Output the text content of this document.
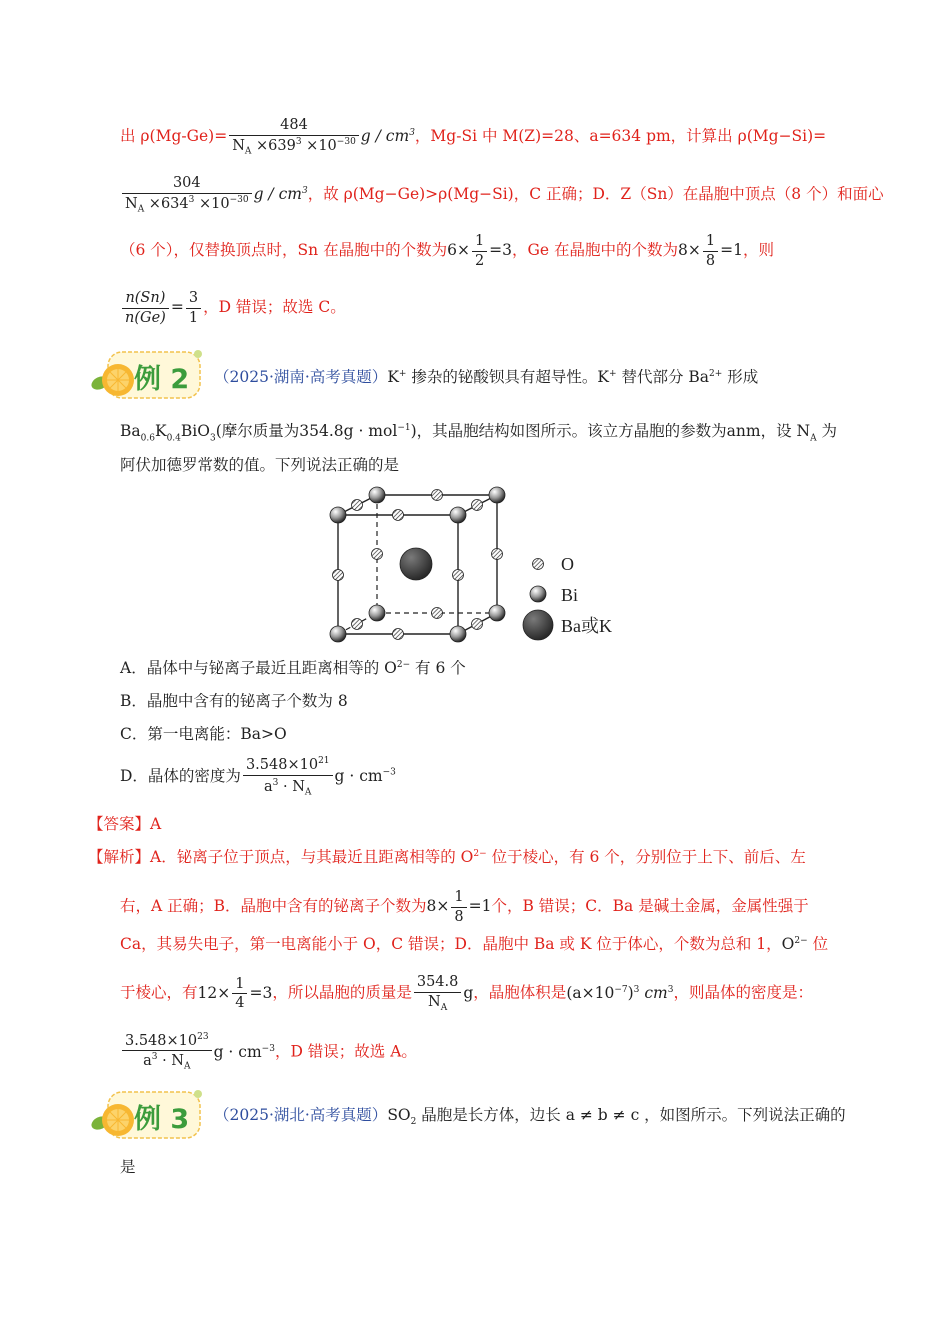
出 $\rho(Mg-Ge)= \frac{484}{N_A \times 639^3 \times 10^{-30}}$ g / $cm^3$，Mg-Si 中 M(Z)=28、a=634 pm，计算出 ρ(Mg−Si)=
$\frac{304}{N_A \times 634^3 \times 10^{-30}}$ g / $cm^3$，故 ρ(Mg−Ge)>ρ(Mg−Si)，C 正确；D．Z（Sn）在晶胞中顶点（8 个）和面心
（6 个），仅替换顶点时，Sn 在晶胞中的个数为$6\times \frac{1}{2} =3$，Ge 在晶胞中的个数为$8\times \frac{1}{8} =1$，则
$\frac{n(Sn)}{n(Ge)} = \frac{3}{1}$ ，D 错误；故选 C。
例 2 （2025·湖南·高考真题）K+ 掺杂的铋酸钡具有超导性。K+ 替代部分 $Ba^{2+}$ 形成
$Ba_{0.6}K_{0.4}BiO_3$(摩尔质量为354.8g · mol$^{-1}$)，其晶胞结构如图所示。该立方晶胞的参数为anm，设 $N_A$ 为
阿伏加德罗常数的值。下列说法正确的是
O
Bi
Ba或K
A．晶体中与铋离子最近且距离相等的 $O^{2-}$ 有 6 个
B．晶胞中含有的铋离子个数为 8
C．第一电离能：Ba>O
D．晶体的密度为 $\frac{3.548\times 10^{21}}{a^3 \cdot N_A}$ $g \cdot cm^{-3}$
【答案】A
【解析】A．铋离子位于顶点，与其最近且距离相等的 $O^{2-}$ 位于棱心，有 6 个，分别位于上下、前后、左
右，A 正确；B．晶胞中含有的铋离子个数为$8\times \frac{1}{8} =1$个，B 错误；C．Ba 是碱土金属，金属性强于
Ca，其易失电子，第一电离能小于 O，C 错误；D．晶胞中 Ba 或 K 位于体心，个数为总和 1，$O^{2-}$ 位
于棱心，有$12\times \frac{1}{4} =3$，所以晶胞的质量是 $\frac{354.8}{N_A}$ g，晶胞体积是$(a\times 10^{-7})^3$ $cm^3$，则晶体的密度是：
$\frac{3.548\times 10^{23}}{a^3 \cdot N_A}$ $g \cdot cm^{-3}$，D 错误；故选 A。
例 3 （2025·湖北·高考真题）$SO_2$ 晶胞是长方体，边长 a ≠ b ≠ c ，如图所示。下列说法正确的
是
